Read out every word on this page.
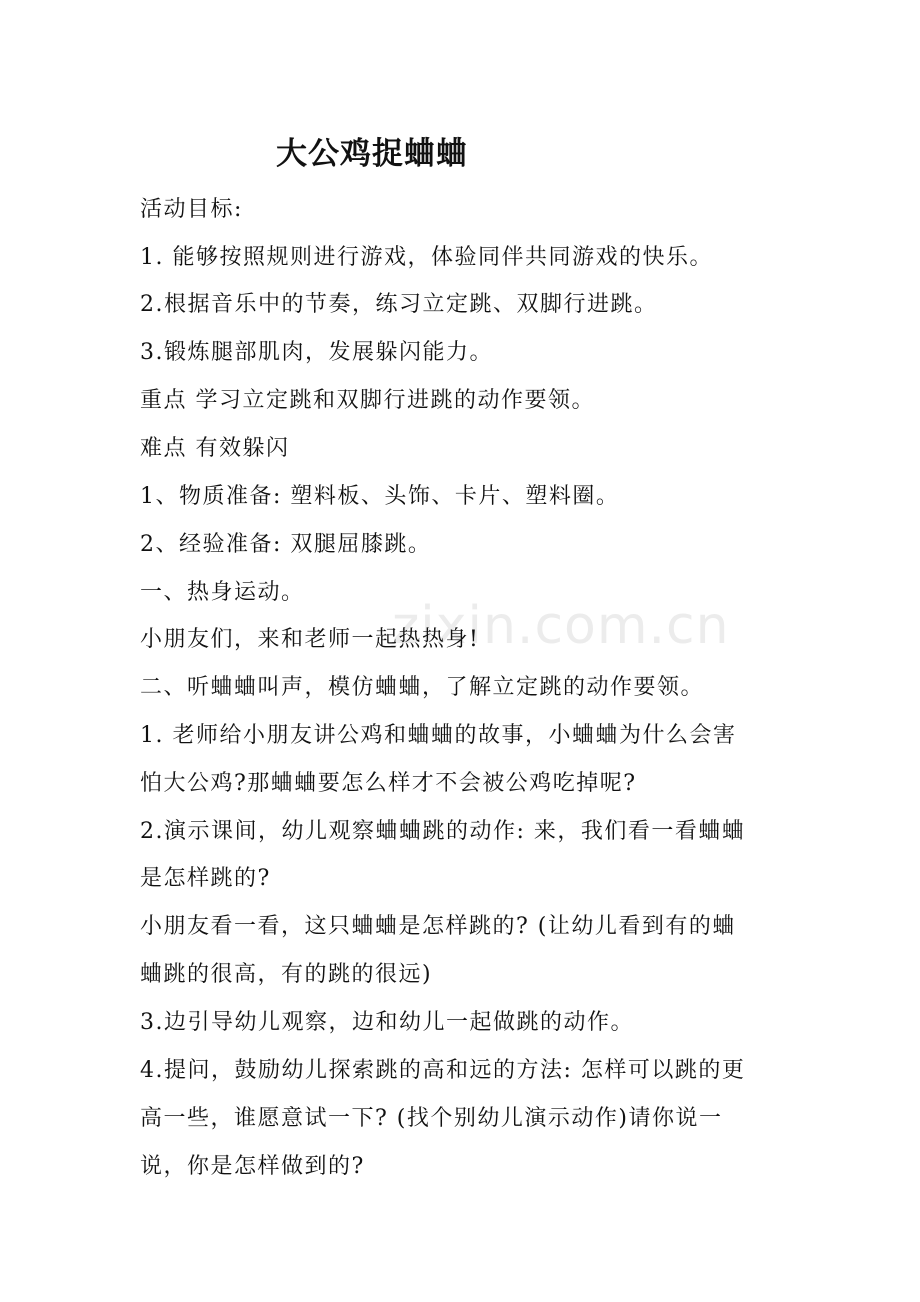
zixin.com.cn
大公鸡捉蛐蛐

活动目标:

1. 能够按照规则进行游戏，体验同伴共同游戏的快乐。

2.根据音乐中的节奏，练习立定跳、双脚行进跳。

3.锻炼腿部肌肉，发展躲闪能力。

重点 学习立定跳和双脚行进跳的动作要领。

难点 有效躲闪

1、物质准备: 塑料板、头饰、卡片、塑料圈。

2、经验准备: 双腿屈膝跳。

一、热身运动。

小朋友们，来和老师一起热热身!

二、听蛐蛐叫声，模仿蛐蛐，了解立定跳的动作要领。

1. 老师给小朋友讲公鸡和蛐蛐的故事，小蛐蛐为什么会害

怕大公鸡?那蛐蛐要怎么样才不会被公鸡吃掉呢?

2.演示课间，幼儿观察蛐蛐跳的动作: 来，我们看一看蛐蛐

是怎样跳的?

小朋友看一看，这只蛐蛐是怎样跳的? (让幼儿看到有的蛐

蛐跳的很高，有的跳的很远)

3.边引导幼儿观察，边和幼儿一起做跳的动作。

4.提问，鼓励幼儿探索跳的高和远的方法: 怎样可以跳的更

高一些，谁愿意试一下? (找个别幼儿演示动作)请你说一

说，你是怎样做到的?
